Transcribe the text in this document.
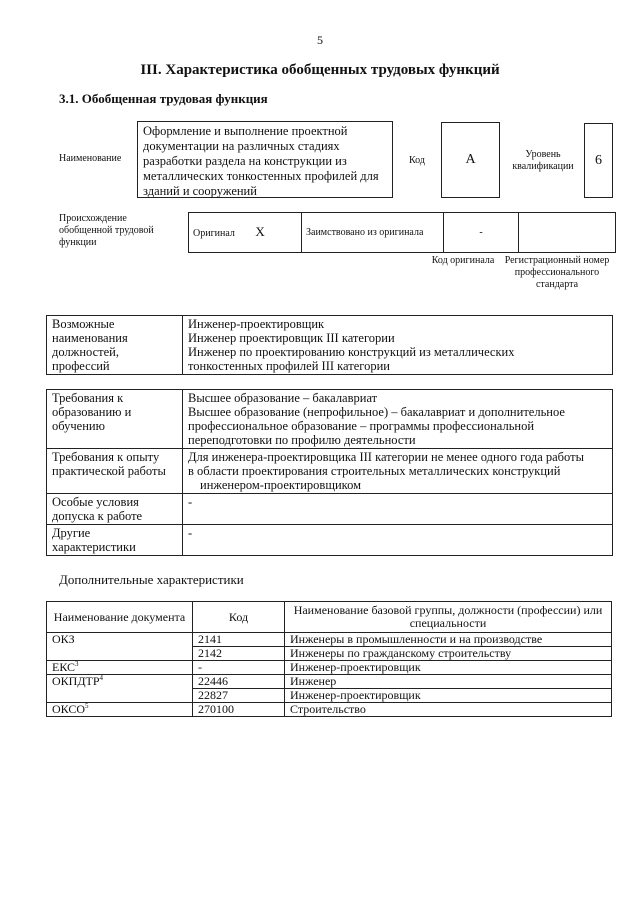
5
III. Характеристика обобщенных трудовых функций
3.1. Обобщенная трудовая функция
Наименование
Оформление и выполнение проектной документации на различных стадиях разработки раздела на конструкции из металлических тонкостенных профилей для зданий и сооружений
Код	А	Уровень квалификации	6
Происхождение обобщенной трудовой функции
Оригинал X	Заимствовано из оригинала	-	
Код оригинала Регистрационный номер профессионального стандарта
Возможные наименования должностей, профессий	

Инженер-проектировщик

Инженер проектировщик III категории

Инженер по проектированию конструкций из металлических

тонкостенных профилей III категории

Требования к образованию и обучению	Высшее образование – бакалавриат

Высшее образование (непрофильное) – бакалавриат и дополнительное

профессиональное образование – программы профессиональной

переподготовки по профилю деятельности

Требования к опыту практической работы	Для инженера-проектировщика III категории не менее одного года работы

в области проектирования строительных металлических конструкций

инженером-проектировщиком

Особые условия допуска к работе	-
Другие характеристики	-
Дополнительные характеристики
Наименование документа	Код	Наименование базовой группы, должности (профессии) или специальности
ОКЗ	2141	Инженеры в промышленности и на производстве
	2142	Инженеры по гражданскому строительству
ЕКС$^3$	-	Инженер-проектировщик
ОКПДТР$^4$	22446	Инженер
	22827	Инженер-проектировщик
ОКСО$^5$	270100	Строительство
